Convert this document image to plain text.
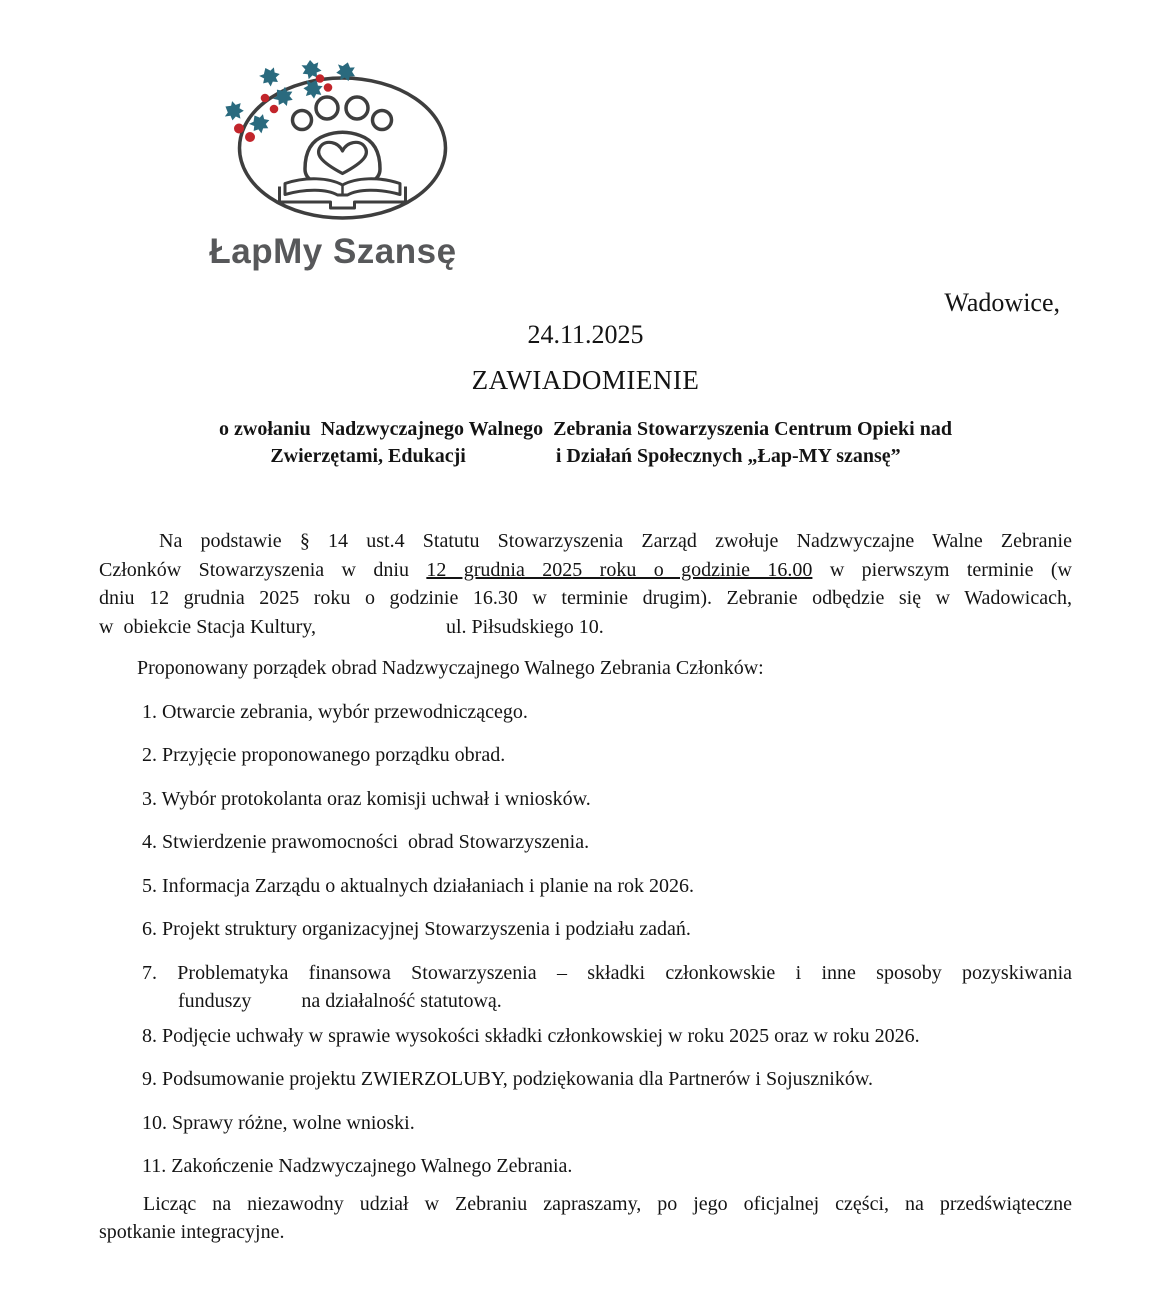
ŁapMy Szansę
Wadowice,
24.11.2025
ZAWIADOMIENIE
o zwołaniu  Nadzwyczajnego Walnego  Zebrania Stowarzyszenia Centrum Opieki nad
Zwierzętami, Edukacji                  i Działań Społecznych „Łap-MY szansę”
Na podstawie § 14 ust.4 Statutu Stowarzyszenia Zarząd zwołuje Nadzwyczajne Walne Zebranie
Członków Stowarzyszenia w dniu 12 grudnia 2025 roku o godzinie 16.00 w pierwszym terminie (w
dniu 12 grudnia 2025 roku o godzinie 16.30 w terminie drugim). Zebranie odbędzie się w Wadowicach,
w  obiekcie Stacja Kultury,                          ul. Piłsudskiego 10.
Proponowany porządek obrad Nadzwyczajnego Walnego Zebrania Członków:
1. Otwarcie zebrania, wybór przewodniczącego.
2. Przyjęcie proponowanego porządku obrad.
3. Wybór protokolanta oraz komisji uchwał i wniosków.
4. Stwierdzenie prawomocności  obrad Stowarzyszenia.
5. Informacja Zarządu o aktualnych działaniach i planie na rok 2026.
6. Projekt struktury organizacyjnej Stowarzyszenia i podziału zadań.
7. Problematyka finansowa Stowarzyszenia – składki członkowskie i inne sposoby pozyskiwania
funduszy          na działalność statutową.
8. Podjęcie uchwały w sprawie wysokości składki członkowskiej w roku 2025 oraz w roku 2026.
9. Podsumowanie projektu ZWIERZOLUBY, podziękowania dla Partnerów i Sojuszników.
10. Sprawy różne, wolne wnioski.
11. Zakończenie Nadzwyczajnego Walnego Zebrania.
Licząc na niezawodny udział w Zebraniu zapraszamy, po jego oficjalnej części, na przedświąteczne
spotkanie integracyjne.
